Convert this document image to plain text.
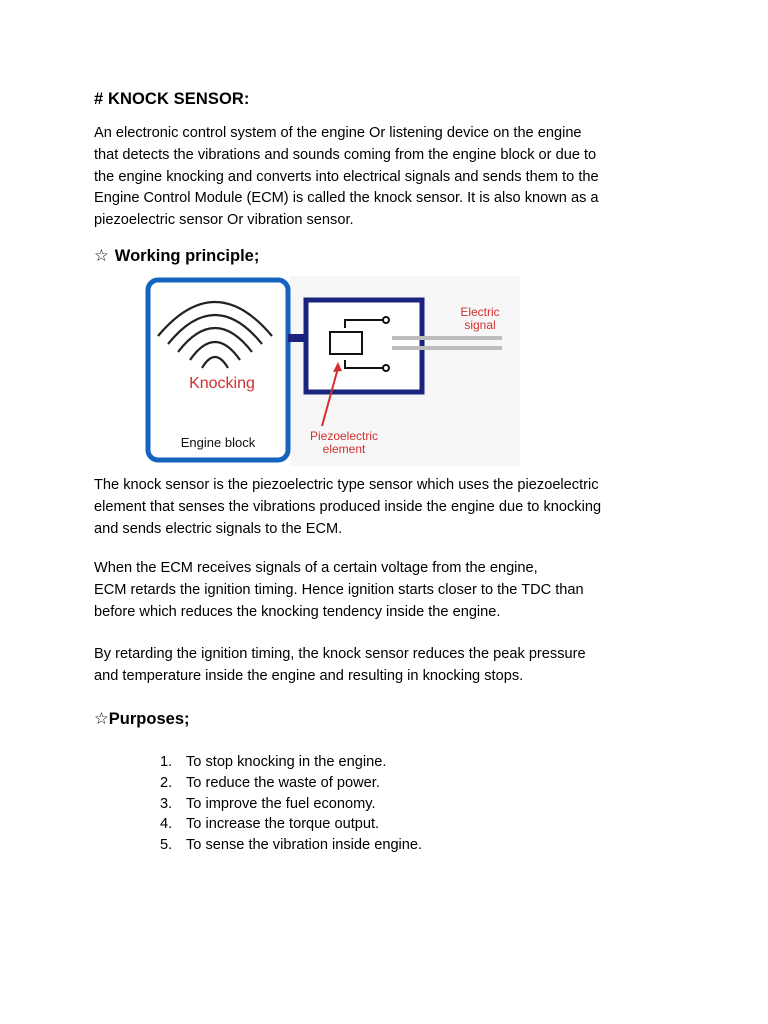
# KNOCK SENSOR:
An electronic control system of the engine Or listening device on the engine
that detects the vibrations and sounds coming from the engine block or due to
the engine knocking and converts into electrical signals and sends them to the
Engine Control Module (ECM) is called the knock sensor. It is also known as a
piezoelectric sensor Or vibration sensor.
☆ Working principle;
Knocking
Engine block
Electric
signal
Piezoelectric
element
The knock sensor is the piezoelectric type sensor which uses the piezoelectric
element that senses the vibrations produced inside the engine due to knocking
and sends electric signals to the ECM.
When the ECM receives signals of a certain voltage from the engine,
ECM retards the ignition timing. Hence ignition starts closer to the TDC than
before which reduces the knocking tendency inside the engine.
By retarding the ignition timing, the knock sensor reduces the peak pressure
and temperature inside the engine and resulting in knocking stops.
☆Purposes;
1. To stop knocking in the engine.
2. To reduce the waste of power.
3. To improve the fuel economy.
4. To increase the torque output.
5. To sense the vibration inside engine.
